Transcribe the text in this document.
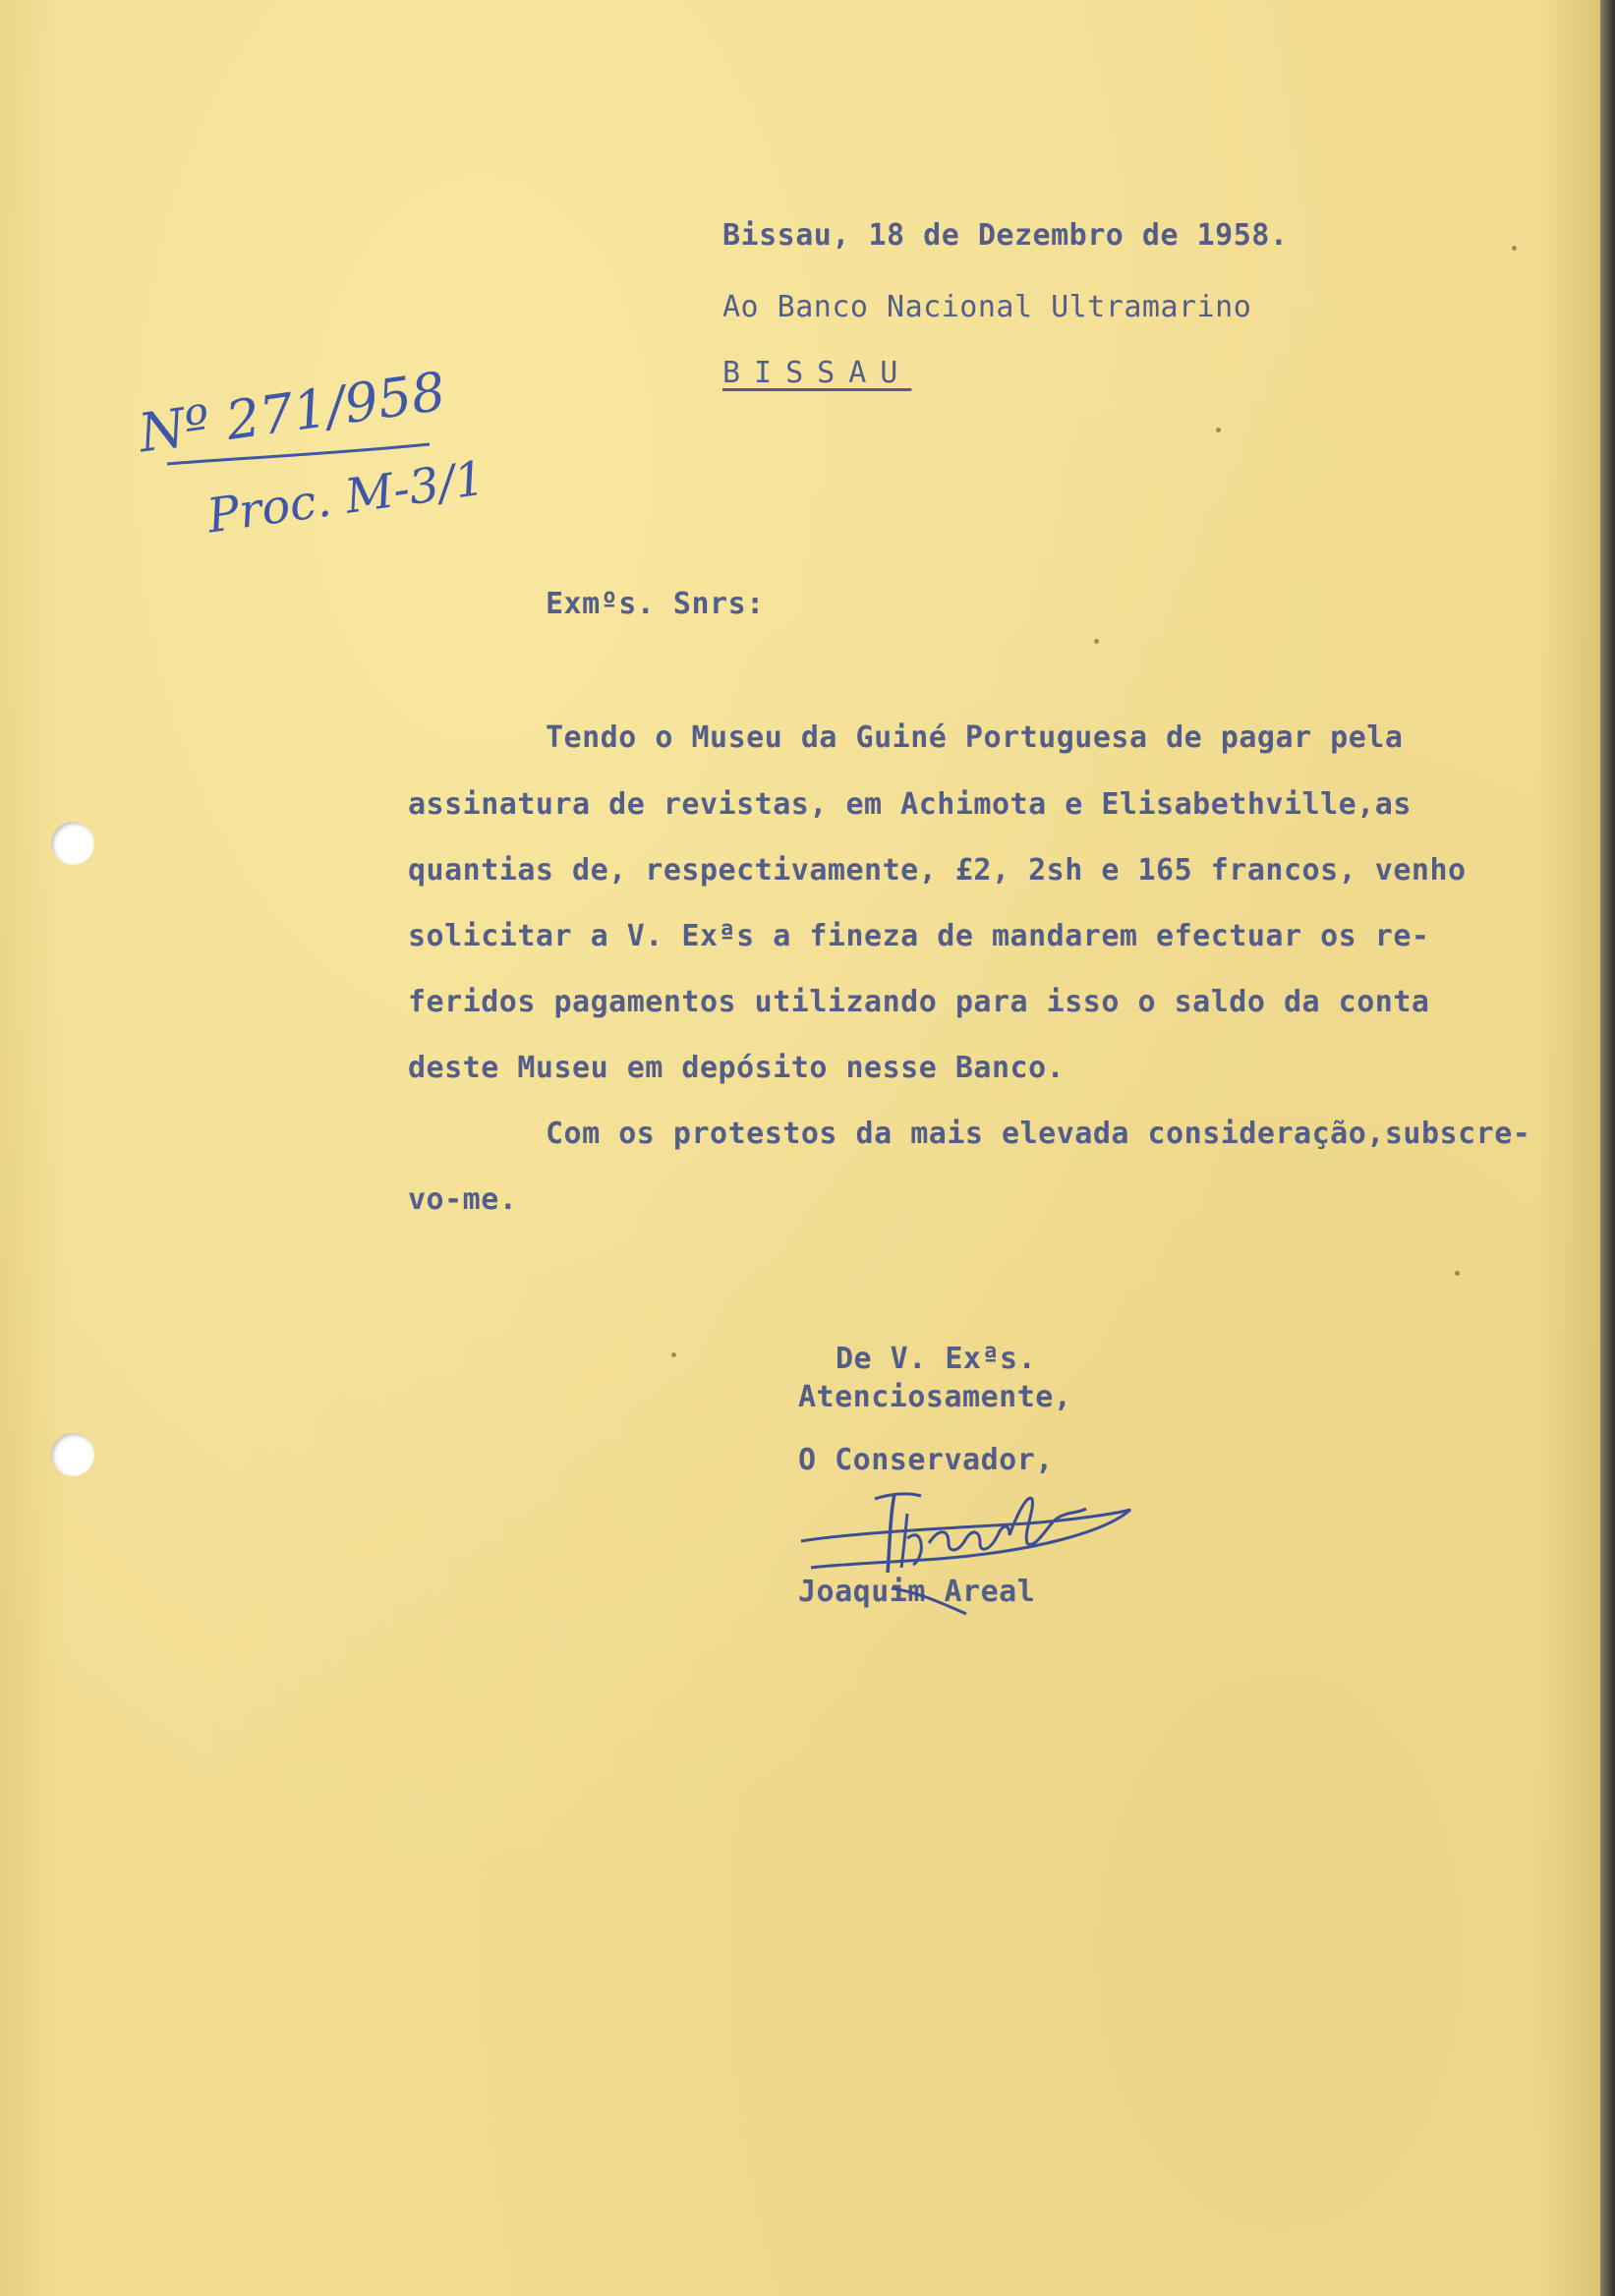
Bissau, 18 de Dezembro de 1958.
Ao Banco Nacional Ultramarino
BISSAU
Nº 271/958
Proc. M-3/1
Exmºs. Snrs:
Tendo o Museu da Guiné Portuguesa de pagar pela
assinatura de revistas, em Achimota e Elisabethville,as
quantias de, respectivamente, £2, 2sh e 165 francos, venho
solicitar a V. Exªs a fineza de mandarem efectuar os re-
feridos pagamentos utilizando para isso o saldo da conta
deste Museu em depósito nesse Banco.
Com os protestos da mais elevada consideração,subscre-
vo-me.
De V. Exªs.
Atenciosamente,
O Conservador,
Joaquim Areal
